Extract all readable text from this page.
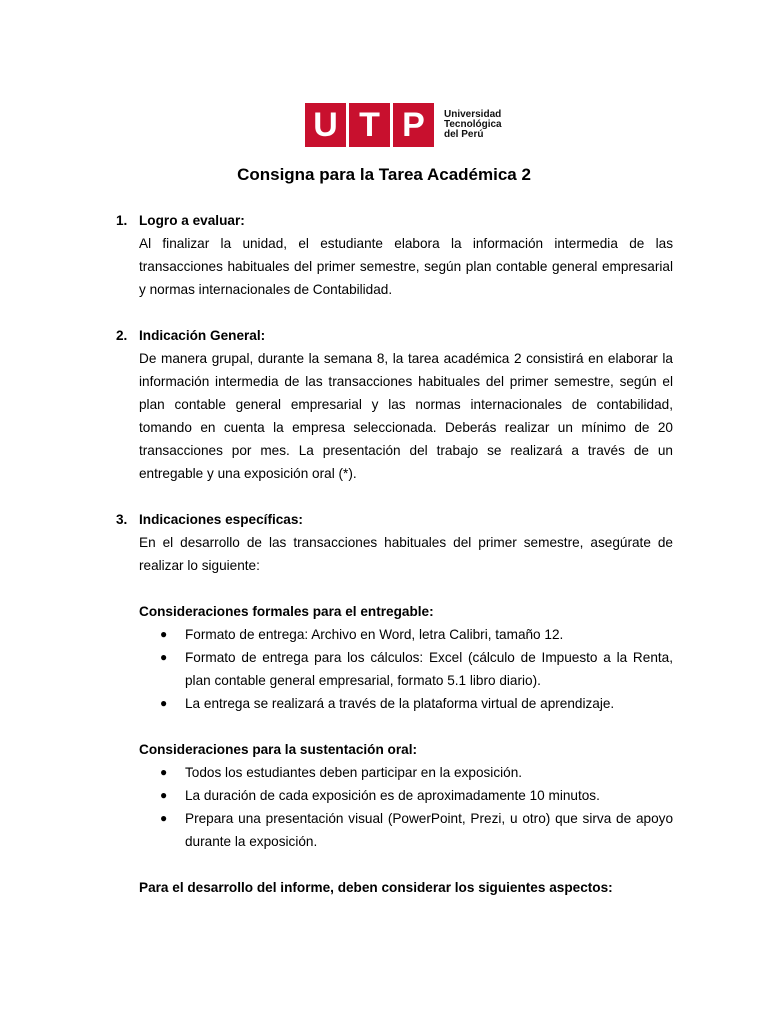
U T P	Universidad
Tecnológica
del Perú
Consigna para la Tarea Académica 2
1. Logro a evaluar:
Al finalizar la unidad, el estudiante elabora la información intermedia de las transacciones habituales del primer semestre, según plan contable general empresarial y normas internacionales de Contabilidad.
2. Indicación General:
De manera grupal, durante la semana 8, la tarea académica 2 consistirá en elaborar la información intermedia de las transacciones habituales del primer semestre, según el plan contable general empresarial y las normas internacionales de contabilidad, tomando en cuenta la empresa seleccionada. Deberás realizar un mínimo de 20 transacciones por mes. La presentación del trabajo se realizará a través de un entregable y una exposición oral (*).
3. Indicaciones específicas:
En el desarrollo de las transacciones habituales del primer semestre, asegúrate de realizar lo siguiente:
Consideraciones formales para el entregable:
● Formato de entrega: Archivo en Word, letra Calibri, tamaño 12.
● Formato de entrega para los cálculos: Excel (cálculo de Impuesto a la Renta, plan contable general empresarial, formato 5.1 libro diario).
● La entrega se realizará a través de la plataforma virtual de aprendizaje.
Consideraciones para la sustentación oral:
● Todos los estudiantes deben participar en la exposición.
● La duración de cada exposición es de aproximadamente 10 minutos.
● Prepara una presentación visual (PowerPoint, Prezi, u otro) que sirva de apoyo durante la exposición.
Para el desarrollo del informe, deben considerar los siguientes aspectos:
